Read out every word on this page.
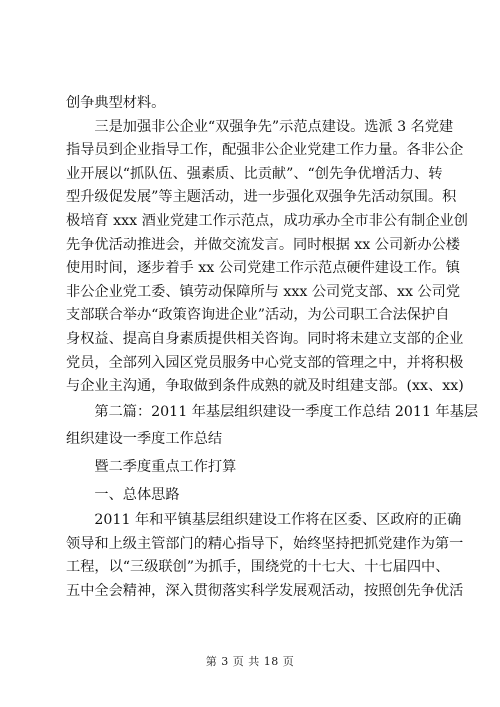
创争典型材料。
　　三是加强非公企业“双强争先”示范点建设。选派 3 名党建
指导员到企业指导工作，配强非公企业党建工作力量。各非公企
业开展以“抓队伍、强素质、比贡献”、“创先争优增活力、转
型升级促发展”等主题活动，进一步强化双强争先活动氛围。积
极培育 xxx 酒业党建工作示范点，成功承办全市非公有制企业创
先争优活动推进会，并做交流发言。同时根据 xx 公司新办公楼
使用时间，逐步着手 xx 公司党建工作示范点硬件建设工作。镇
非公企业党工委、镇劳动保障所与 xxx 公司党支部、xx 公司党
支部联合举办“政策咨询进企业”活动，为公司职工合法保护自
身权益、提高自身素质提供相关咨询。同时将未建立支部的企业
党员，全部列入园区党员服务中心党支部的管理之中，并将积极
与企业主沟通，争取做到条件成熟的就及时组建支部。(xx、xx)
　　第二篇：2011 年基层组织建设一季度工作总结 2011 年基层
组织建设一季度工作总结
　　暨二季度重点工作打算
　　一、总体思路
　　2011 年和平镇基层组织建设工作将在区委、区政府的正确
领导和上级主管部门的精心指导下，始终坚持把抓党建作为第一
工程，以“三级联创”为抓手，围绕党的十七大、十七届四中、
五中全会精神，深入贯彻落实科学发展观活动，按照创先争优活
第 3 页 共 18 页
